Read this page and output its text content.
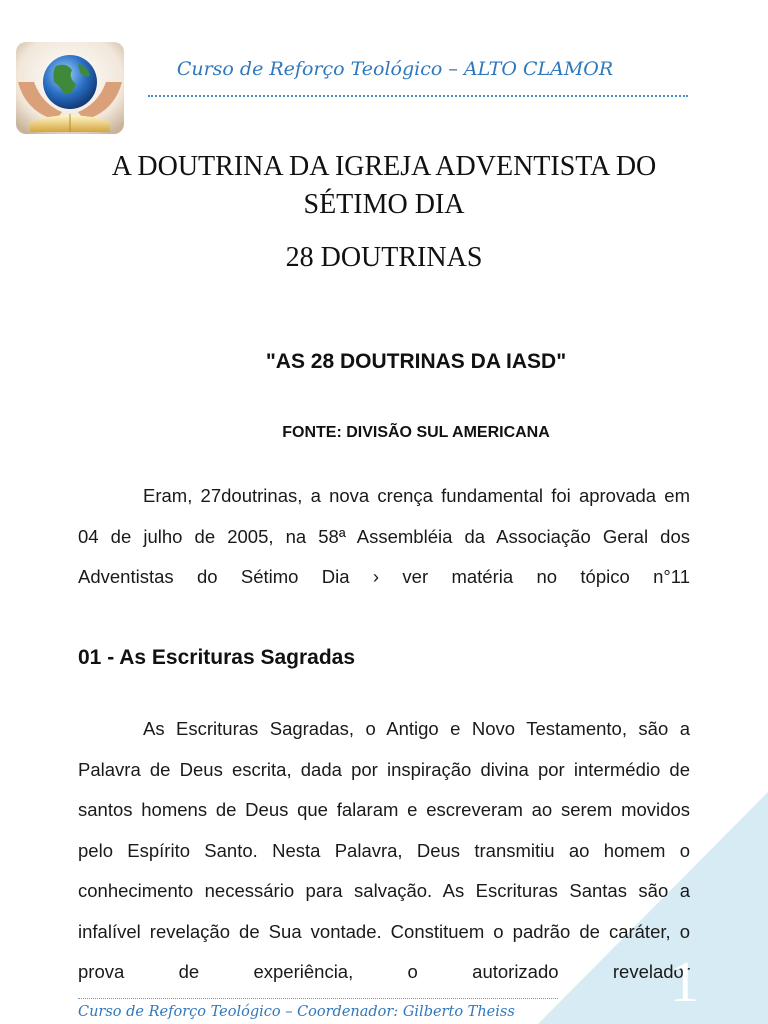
Curso de Reforço Teológico – ALTO CLAMOR
A DOUTRINA DA IGREJA ADVENTISTA DO
SÉTIMO DIA
28 DOUTRINAS
"AS 28 DOUTRINAS DA IASD"
FONTE: DIVISÃO SUL AMERICANA

Eram, 27doutrinas, a nova crença fundamental foi aprovada em 04 de julho de 2005, na 58ª Assembléia da Associação Geral dos Adventistas do Sétimo Dia › ver matéria no tópico n°11

01 - As Escrituras Sagradas

As Escrituras Sagradas, o Antigo e Novo Testamento, são a Palavra de Deus escrita, dada por inspiração divina por intermédio de santos homens de Deus que falaram e escreveram ao serem movidos pelo Espírito Santo. Nesta Palavra, Deus transmitiu ao homem o conhecimento necessário para salvação. As Escrituras Santas são a infalível revelação de Sua vontade. Constituem o padrão de caráter, o prova de experiência, o autorizado revelador

1
Curso de Reforço Teológico – Coordenador: Gilberto Theiss
